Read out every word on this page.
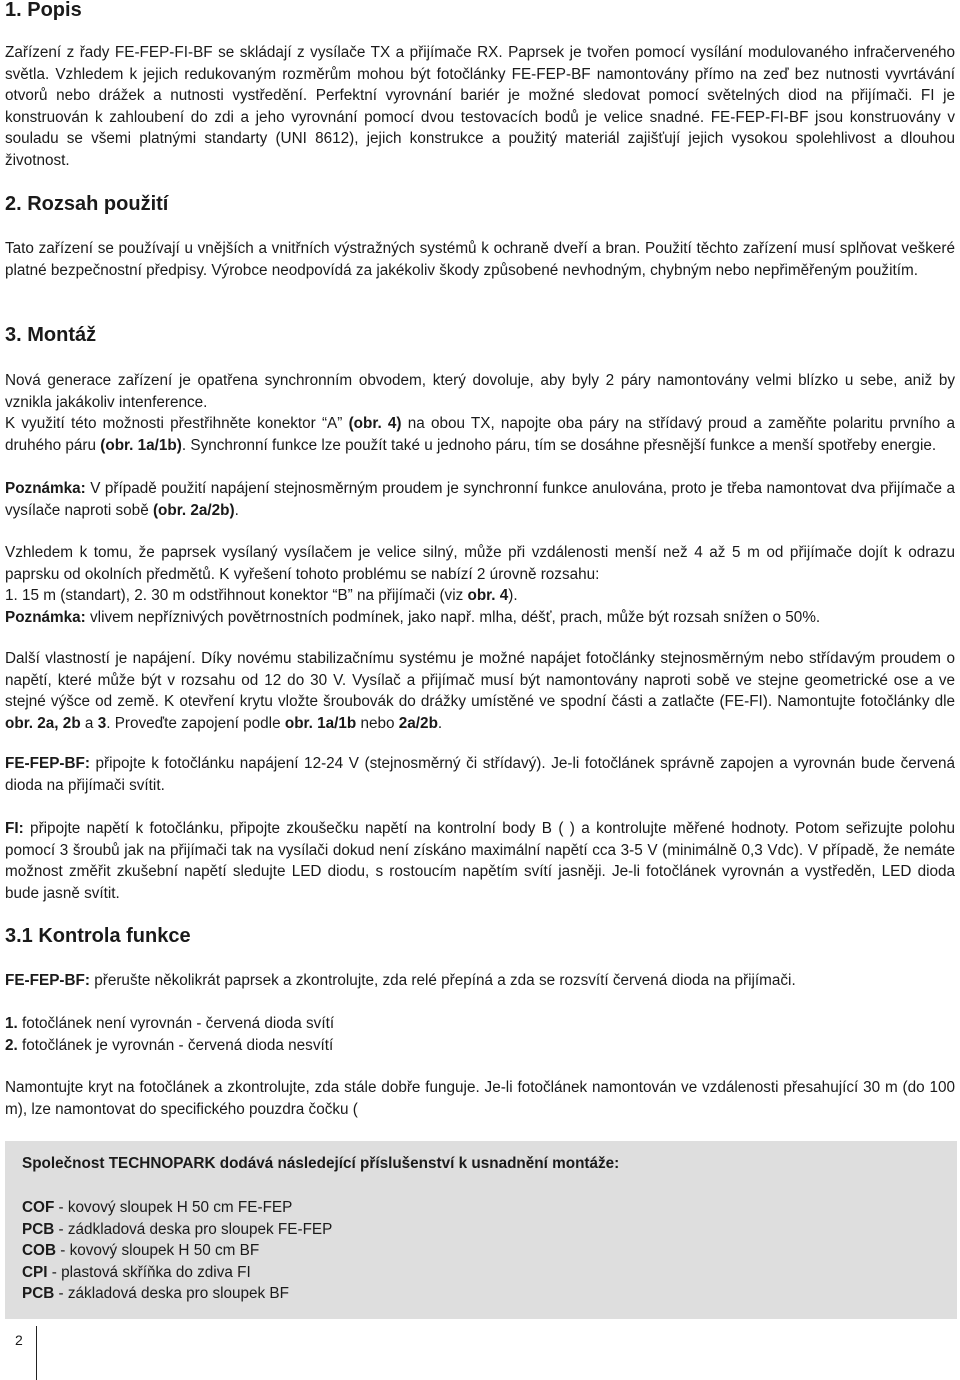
1. Popis

Zařízení z řady FE-FEP-FI-BF se skládají z vysílače TX a přijímače RX. Paprsek je tvořen pomocí vysílání modulovaného infračerveného světla. Vzhledem k jejich redukovaným rozměrům mohou být fotočlánky FE-FEP-BF namontovány přímo na zeď bez nutnosti vyvrtávání otvorů nebo drážek a nutnosti vystředění. Perfektní vyrovnání bariér je možné sledovat pomocí světelných diod na přijímači. FI je konstruován k zahloubení do zdi a jeho vyrovnání pomocí dvou testovacích bodů je velice snadné. FE-FEP-FI-BF jsou konstruovány v souladu se všemi platnými standarty (UNI 8612), jejich konstrukce a použitý materiál zajišťují jejich vysokou spolehlivost a dlouhou životnost.

2. Rozsah použití

Tato zařízení se používají u vnějších a vnitřních výstražných systémů k ochraně dveří a bran. Použití těchto zařízení musí splňovat veškeré platné bezpečnostní předpisy. Výrobce neodpovídá za jakékoliv škody způsobené nevhodným, chybným nebo nepřiměřeným použitím.

3. Montáž

Nová generace zařízení je opatřena synchronním obvodem, který dovoluje, aby byly 2 páry namontovány velmi blízko u sebe, aniž by vznikla jakákoliv intenference.

K využití této možnosti přestřihněte konektor “A” (obr. 4) na obou TX, napojte oba páry na střídavý proud a zaměňte polaritu prvního a druhého páru (obr. 1a/1b). Synchronní funkce lze použít také u jednoho páru, tím se dosáhne přesnější funkce a menší spotřeby energie.

Poznámka: V případě použití napájení stejnosměrným proudem je synchronní funkce anulována, proto je třeba namontovat dva přijímače a vysílače naproti sobě (obr. 2a/2b).

Vzhledem k tomu, že paprsek vysílaný vysílačem je velice silný, může při vzdálenosti menší než 4 až 5 m od přijímače dojít k odrazu paprsku od okolních předmětů. K vyřešení tohoto problému se nabízí 2 úrovně rozsahu:
1. 15 m (standart), 2. 30 m odstřihnout konektor “B” na přijímači (viz obr. 4).
Poznámka: vlivem nepříznivých povětrnostních podmínek, jako např. mlha, déšť, prach, může být rozsah snížen o 50%.

Další vlastností je napájení. Díky novému stabilizačnímu systému je možné napájet fotočlánky stejnosměrným nebo střídavým proudem o napětí, které může být v rozsahu od 12 do 30 V. Vysílač a přijímač musí být namontovány naproti sobě ve stejne geometrické ose a ve stejné výšce od země. K otevření krytu vložte šroubovák do drážky umístěné ve spodní části a zatlačte (FE-FI). Namontujte fotočlánky dle obr. 2a, 2b a 3. Proveďte zapojení podle obr. 1a/1b nebo 2a/2b.

FE-FEP-BF: připojte k fotočlánku napájení 12-24 V (stejnosměrný či střídavý). Je-li fotočlánek správně zapojen a vyrovnán bude červená dioda na přijímači svítit.

FI: připojte napětí k fotočlánku, připojte zkoušečku napětí na kontrolní body B ( ) a kontrolujte měřené hodnoty. Potom seřizujte polohu pomocí 3 šroubů jak na přijímači tak na vysílači dokud není získáno maximální napětí cca 3-5 V (minimálně 0,3 Vdc). V případě, že nemáte možnost změřit zkušební napětí sledujte LED diodu, s rostoucím napětím svítí jasněji. Je-li fotočlánek vyrovnán a vystředěn, LED dioda bude jasně svítit.

3.1 Kontrola funkce

FE-FEP-BF: přerušte několikrát paprsek a zkontrolujte, zda relé přepíná a zda se rozsvítí červená dioda na přijímači.

1. fotočlánek není vyrovnán - červená dioda svítí
2. fotočlánek je vyrovnán - červená dioda nesvítí

Namontujte kryt na fotočlánek a zkontrolujte, zda stále dobře funguje. Je-li fotočlánek namontován ve vzdálenosti přesahující 30 m (do 100 m), lze namontovat do specifického pouzdra čočku (

Společnost TECHNOPARK dodává následející příslušenství k usnadnění montáže:
COF - kovový sloupek H 50 cm FE-FEP
PCB - zádkladová deska pro sloupek FE-FEP
COB - kovový sloupek H 50 cm BF
CPI - plastová skříňka do zdiva FI
PCB - základová deska pro sloupek BF
2
